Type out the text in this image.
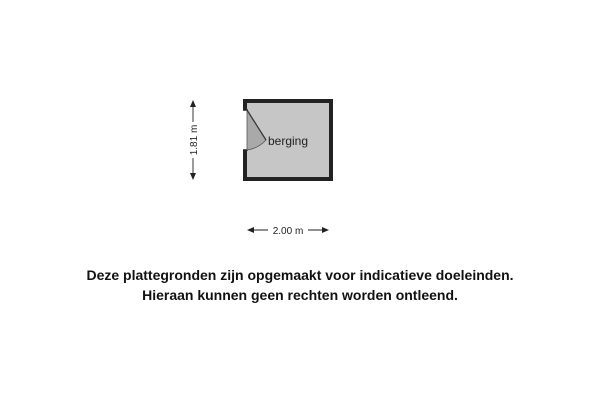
berging
1.81 m
2.00 m
Deze plattegronden zijn opgemaakt voor indicatieve doeleinden.
Hieraan kunnen geen rechten worden ontleend.
